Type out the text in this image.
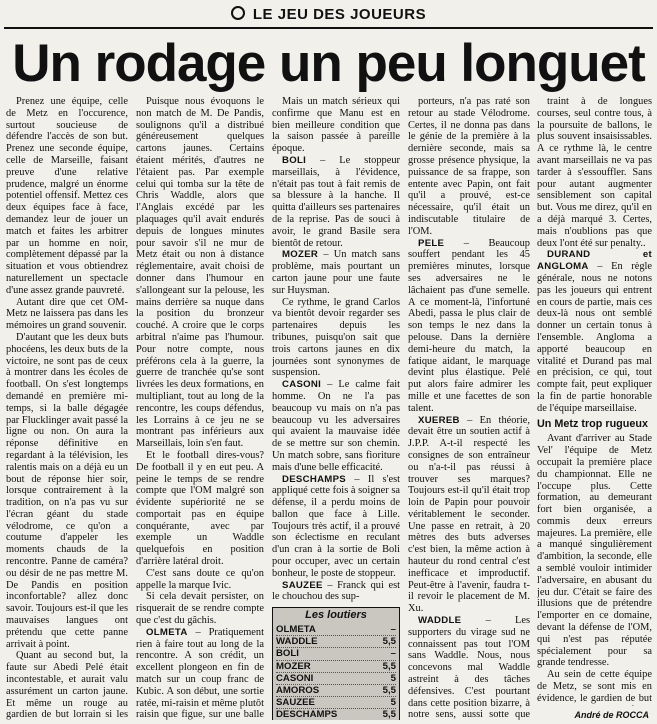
LE JEU DES JOUEURS
Un rodage un peu longuet

Prenez une équipe, celle de Metz en l'occurence, surtout soucieuse de défendre l'accès de son but. Prenez une seconde équipe, celle de Marseille, faisant preuve d'une relative prudence, malgré un énorme potentiel offensif. Mettez ces deux équipes face à face, demandez leur de jouer un match et faites les arbitrer par un homme en noir, complètement dépassé par la situation et vous obtiendrez naturellement un spectacle d'une assez grande pauvreté.

Autant dire que cet OM-Metz ne laissera pas dans les mémoires un grand souvenir.

D'autant que les deux buts phocéens, les deux buts de la victoire, ne sont pas de ceux à montrer dans les écoles de football. On s'est longtemps demandé en première mi-temps, si la balle dégagée par Flucklinger avait passé la ligne ou non. On aura la réponse définitive en regardant à la télévision, les ralentis mais on a déjà eu un bout de réponse hier soir, lorsque contrairement à la tradition, on n'a pas vu sur l'écran géant du stade vélodrome, ce qu'on a coutume d'appeler les moments chauds de la rencontre. Panne de caméra? ou désir de ne pas mettre M. De Pandis en position inconfortable? allez donc savoir. Toujours est-il que les mauvaises langues ont prétendu que cette panne arrivait à point.

Quant au second but, la faute sur Abedi Pelé était incontestable, et aurait valu assurément un carton jaune. Et même un rouge au gardien de but lorrain si les

Puisque nous évoquons le non match de M. De Pandis, soulignons qu'il a distribué généreusement quelques cartons jaunes. Certains étaient mérités, d'autres ne l'étaient pas. Par exemple celui qui tomba sur la tête de Chris Waddle, alors que l'Anglais excédé par les plaquages qu'il avait endurés depuis de longues minutes pour savoir s'il ne mur de Metz était ou non à distance réglementaire, avait choisi de donner dans l'humour en s'allongeant sur la pelouse, les mains derrière sa nuque dans la position du bronzeur couché. A croire que le corps arbitral n'aime pas l'humour. Pour notre compte, nous préférons cela à la guerre, la guerre de tranchée qu'se sont livrées les deux formations, en multipliant, tout au long de la rencontre, les coups défendus, les Lorrains à ce jeu ne se montrant pas inférieurs aux Marseillais, loin s'en faut.

Et le football dires-vous? De football il y en eut peu. A peine le temps de se rendre compte que l'OM malgré son évidente supériorité ne se comportait pas en équipe conquérante, avec par exemple un Waddle quelquefois en position d'arrière latéral droit.

C'est sans doute ce qu'on appelle la marque Ivic.

Si cela devait persister, on risquerait de se rendre compte que c'est du gâchis.

OLMETA – Pratiquement rien à faire tout au long de la rencontre. A son crédit, un excellent plongeon en fin de match sur un coup franc de Kubic. A son début, une sortie ratée, mi-raisin et même plutôt raisin que figue, sur une balle

Mais un match sérieux qui confirme que Manu est en bien meilleure condition que la saison passée à pareille époque.

BOLI – Le stoppeur marseillais, à l'évidence, n'était pas tout à fait remis de sa blessure à la hanche. Il quitta d'ailleurs ses partenaires de la reprise. Pas de souci à avoir, le grand Basile sera bientôt de retour.

MOZER – Un match sans problème, mais pourtant un carton jaune pour une faute sur Huysman.

Ce rythme, le grand Carlos va bientôt devoir regarder ses partenaires depuis les tribunes, puisqu'on sait que trois cartons jaunes en dix journées sont synonymes de suspension.

CASONI – Le calme fait homme. On ne l'a pas beaucoup vu mais on n'a pas beaucoup vu les adversaires qui avaient la mauvaise idée de se mettre sur son chemin. Un match sobre, sans fioriture mais d'une belle efficacité.

DESCHAMPS – Il s'est appliqué cette fois à soigner sa défense, il a perdu moins de ballon que face à Lille. Toujours très actif, il a prouvé son éclectisme en reculant d'un cran à la sortie de Boli pour occuper, avec un certain bonheur, le poste de stoppeur.

SAUZEE – Franck qui est le chouchou des sup-

Les loutiers
OLMETA	–
WADDLE	5,5
BOLI	–
MOZER	5,5
CASONI	5
AMOROS	5,5
SAUZEE	5
DESCHAMPS	5,5

porteurs, n'a pas raté son retour au stade Vélodrome. Certes, il ne donna pas dans le génie de la première à la dernière seconde, mais sa grosse présence physique, la puissance de sa frappe, son entente avec Papin, ont fait qu'il a prouvé, est-ce nécessaire, qu'il était un indiscutable titulaire de l'OM.

PELE – Beaucoup souffert pendant les 45 premières minutes, lorsque ses adversaires ne le lâchaient pas d'une semelle. A ce moment-là, l'infortuné Abedi, passa le plus clair de son temps le nez dans la pelouse. Dans la dernière demi-heure du match, la fatique aidant, le marquage devint plus élastique. Pelé put alors faire admirer les mille et une facettes de son talent.

XUEREB – En théorie, devait être un soutien actif à J.P.P. A-t-il respecté les consignes de son entraîneur ou n'a-t-il pas réussi à trouver ses marques? Toujours est-il qu'il était trop loin de Papin pour pouvoir véritablement le seconder. Une passe en retrait, à 20 mètres des buts adverses c'est bien, la même action à hauteur du rond central c'est inefficace et improductif. Peut-être à l'avenir, faudra t-il revoir le placement de M. Xu.

WADDLE – Les supporters du virage sud ne connaissent pas tout l'OM sans Waddle. Nous, nous concevons mal Waddle astreint à des tâches défensives. C'est pourtant dans cette position bizarre, à notre sens, aussi sotte que

traint à de longues courses, seul contre tous, à la poursuite de ballons, le plus souvent insaisissables. A ce rythme là, le centre avant marseillais ne va pas tarder à s'essouffler. Sans pour autant augmenter sensiblement son capital but. Vous me direz, qu'il en a déjà marqué 3. Certes, mais n'oublions pas que deux l'ont été sur penalty..

DURAND et ANGLOMA – En règle générale, nous ne notons pas les joueurs qui entrent en cours de partie, mais ces deux-là nous ont semblé donner un certain tonus à l'ensemble. Angloma a apporté beaucoup en vitalité et Durand pas mal en précision, ce qui, tout compte fait, peut expliquer la fin de partie honorable de l'équipe marseillaise.

Un Metz trop rugueux

Avant d'arriver au Stade Vel' l'équipe de Metz occupait la première place du championnat. Elle ne l'occupe plus. Cette formation, au demeurant fort bien organisée, a commis deux erreurs majeures. La première, elle a manqué singulièrement d'ambition, la seconde, elle a semblé vouloir intimider l'adversaire, en abusant du jeu dur. C'était se faire des illusions que de prétendre l'emporter en ce domaine, devant la défense de l'OM, qui n'est pas réputée spécialement pour sa grande tendresse.

Au sein de cette équipe de Metz, se sont mis en évidence, le gardien de but

André de ROCCA
